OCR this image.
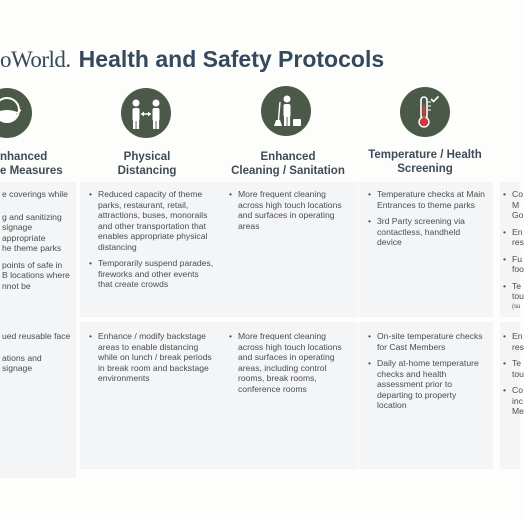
oWorld. Health and Safety Protocols
nhanced
e Measures
Physical
Distancing
Enhanced
Cleaning / Sanitation
Temperature / Health
Screening
e coverings while
g and sanitizing
signage
appropriate
he theme parks
points of safe in
B locations where
nnot be
• Reduced capacity of theme parks, restaurant, retail, attractions, buses, monorails and other transportation that enables appropriate physical distancing
• Temporarily suspend parades, fireworks and other events that create crowds
• More frequent cleaning across high touch locations and surfaces in operating areas
• Temperature checks at Main Entrances to theme parks
• 3rd Party screening via contactless, handheld device
• Co
M
Go
• En
res
• Fu
foo
• Te
tou
(su
ued reusable face
ations and signage
• Enhance / modify backstage areas to enable distancing while on lunch / break periods in break room and backstage environments
• More frequent cleaning across high touch locations and surfaces in operating areas, including control rooms, break rooms, conference rooms
• On-site temperature checks for Cast Members
• Daily at-home temperature checks and health assessment prior to departing to property location
• En
res
• Te
tou
• Co
inc
Me
